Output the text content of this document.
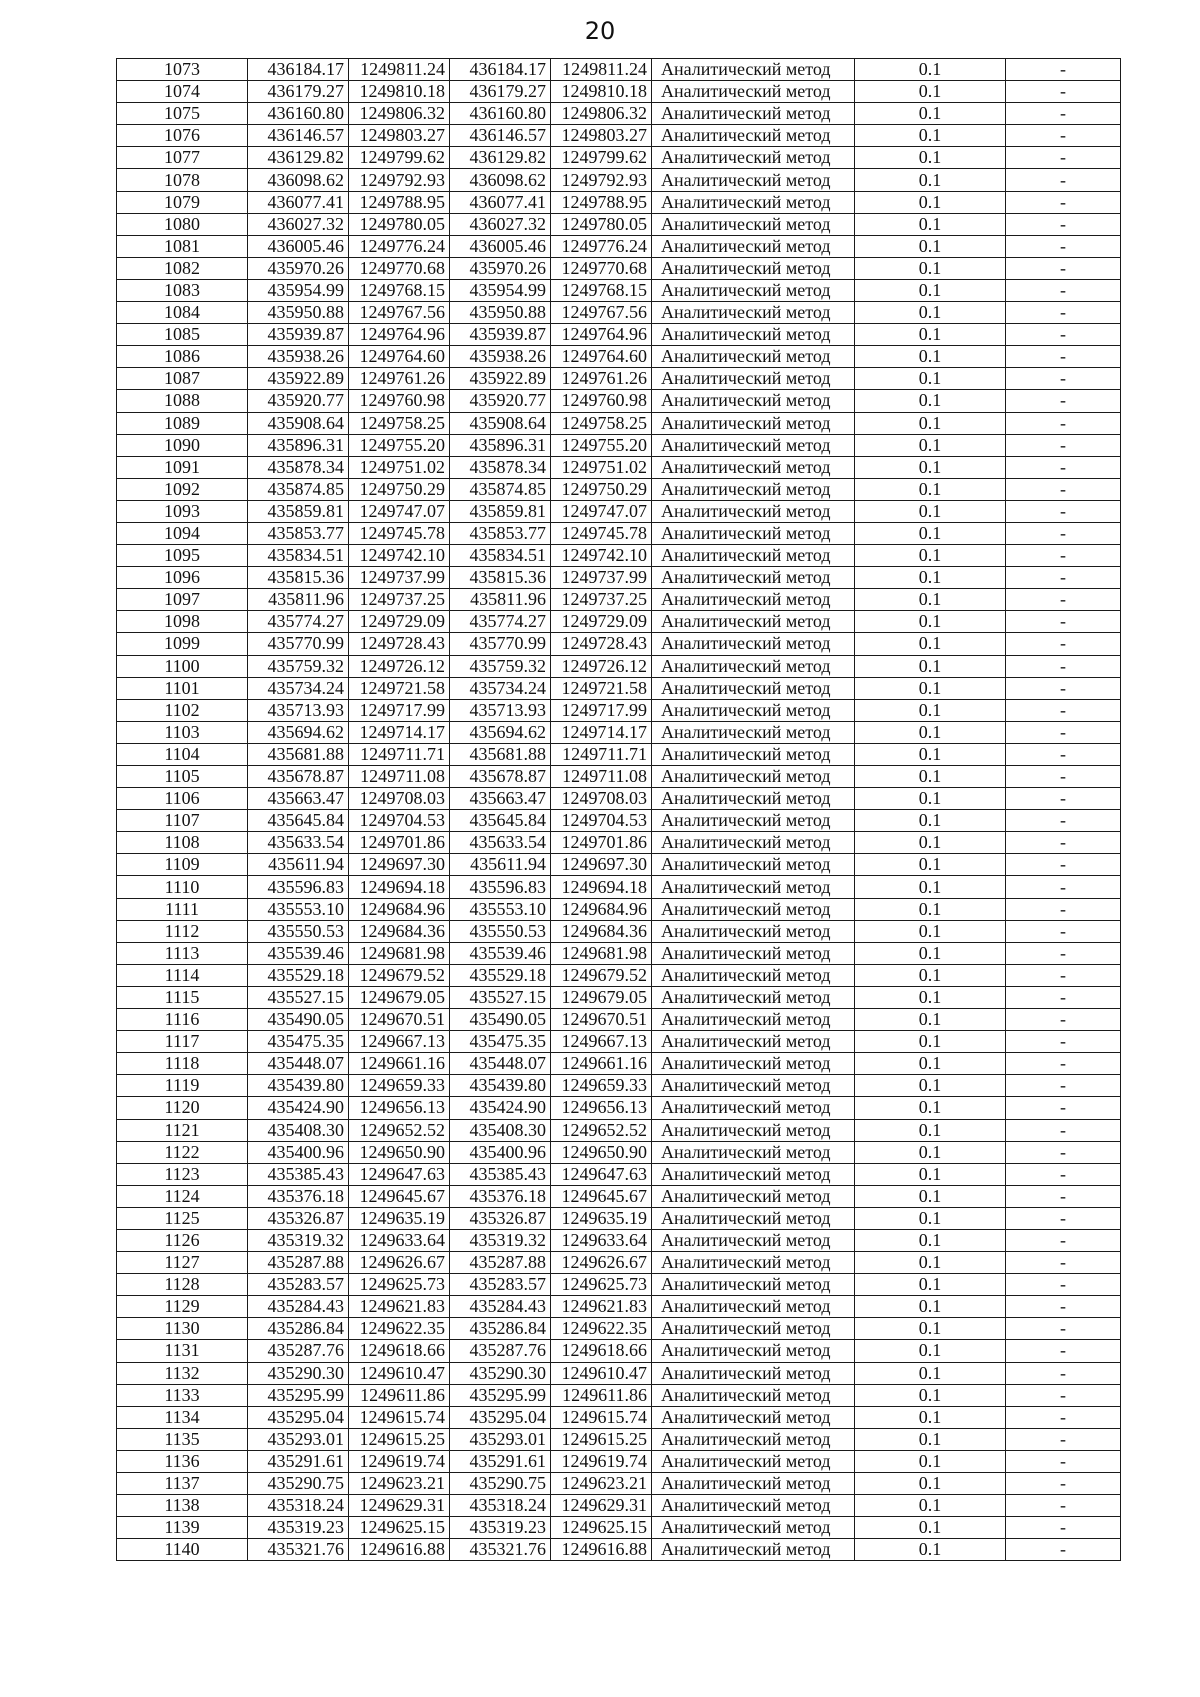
20
1073	436184.17	1249811.24	436184.17	1249811.24	Аналитический метод	0.1	-
1074	436179.27	1249810.18	436179.27	1249810.18	Аналитический метод	0.1	-
1075	436160.80	1249806.32	436160.80	1249806.32	Аналитический метод	0.1	-
1076	436146.57	1249803.27	436146.57	1249803.27	Аналитический метод	0.1	-
1077	436129.82	1249799.62	436129.82	1249799.62	Аналитический метод	0.1	-
1078	436098.62	1249792.93	436098.62	1249792.93	Аналитический метод	0.1	-
1079	436077.41	1249788.95	436077.41	1249788.95	Аналитический метод	0.1	-
1080	436027.32	1249780.05	436027.32	1249780.05	Аналитический метод	0.1	-
1081	436005.46	1249776.24	436005.46	1249776.24	Аналитический метод	0.1	-
1082	435970.26	1249770.68	435970.26	1249770.68	Аналитический метод	0.1	-
1083	435954.99	1249768.15	435954.99	1249768.15	Аналитический метод	0.1	-
1084	435950.88	1249767.56	435950.88	1249767.56	Аналитический метод	0.1	-
1085	435939.87	1249764.96	435939.87	1249764.96	Аналитический метод	0.1	-
1086	435938.26	1249764.60	435938.26	1249764.60	Аналитический метод	0.1	-
1087	435922.89	1249761.26	435922.89	1249761.26	Аналитический метод	0.1	-
1088	435920.77	1249760.98	435920.77	1249760.98	Аналитический метод	0.1	-
1089	435908.64	1249758.25	435908.64	1249758.25	Аналитический метод	0.1	-
1090	435896.31	1249755.20	435896.31	1249755.20	Аналитический метод	0.1	-
1091	435878.34	1249751.02	435878.34	1249751.02	Аналитический метод	0.1	-
1092	435874.85	1249750.29	435874.85	1249750.29	Аналитический метод	0.1	-
1093	435859.81	1249747.07	435859.81	1249747.07	Аналитический метод	0.1	-
1094	435853.77	1249745.78	435853.77	1249745.78	Аналитический метод	0.1	-
1095	435834.51	1249742.10	435834.51	1249742.10	Аналитический метод	0.1	-
1096	435815.36	1249737.99	435815.36	1249737.99	Аналитический метод	0.1	-
1097	435811.96	1249737.25	435811.96	1249737.25	Аналитический метод	0.1	-
1098	435774.27	1249729.09	435774.27	1249729.09	Аналитический метод	0.1	-
1099	435770.99	1249728.43	435770.99	1249728.43	Аналитический метод	0.1	-
1100	435759.32	1249726.12	435759.32	1249726.12	Аналитический метод	0.1	-
1101	435734.24	1249721.58	435734.24	1249721.58	Аналитический метод	0.1	-
1102	435713.93	1249717.99	435713.93	1249717.99	Аналитический метод	0.1	-
1103	435694.62	1249714.17	435694.62	1249714.17	Аналитический метод	0.1	-
1104	435681.88	1249711.71	435681.88	1249711.71	Аналитический метод	0.1	-
1105	435678.87	1249711.08	435678.87	1249711.08	Аналитический метод	0.1	-
1106	435663.47	1249708.03	435663.47	1249708.03	Аналитический метод	0.1	-
1107	435645.84	1249704.53	435645.84	1249704.53	Аналитический метод	0.1	-
1108	435633.54	1249701.86	435633.54	1249701.86	Аналитический метод	0.1	-
1109	435611.94	1249697.30	435611.94	1249697.30	Аналитический метод	0.1	-
1110	435596.83	1249694.18	435596.83	1249694.18	Аналитический метод	0.1	-
1111	435553.10	1249684.96	435553.10	1249684.96	Аналитический метод	0.1	-
1112	435550.53	1249684.36	435550.53	1249684.36	Аналитический метод	0.1	-
1113	435539.46	1249681.98	435539.46	1249681.98	Аналитический метод	0.1	-
1114	435529.18	1249679.52	435529.18	1249679.52	Аналитический метод	0.1	-
1115	435527.15	1249679.05	435527.15	1249679.05	Аналитический метод	0.1	-
1116	435490.05	1249670.51	435490.05	1249670.51	Аналитический метод	0.1	-
1117	435475.35	1249667.13	435475.35	1249667.13	Аналитический метод	0.1	-
1118	435448.07	1249661.16	435448.07	1249661.16	Аналитический метод	0.1	-
1119	435439.80	1249659.33	435439.80	1249659.33	Аналитический метод	0.1	-
1120	435424.90	1249656.13	435424.90	1249656.13	Аналитический метод	0.1	-
1121	435408.30	1249652.52	435408.30	1249652.52	Аналитический метод	0.1	-
1122	435400.96	1249650.90	435400.96	1249650.90	Аналитический метод	0.1	-
1123	435385.43	1249647.63	435385.43	1249647.63	Аналитический метод	0.1	-
1124	435376.18	1249645.67	435376.18	1249645.67	Аналитический метод	0.1	-
1125	435326.87	1249635.19	435326.87	1249635.19	Аналитический метод	0.1	-
1126	435319.32	1249633.64	435319.32	1249633.64	Аналитический метод	0.1	-
1127	435287.88	1249626.67	435287.88	1249626.67	Аналитический метод	0.1	-
1128	435283.57	1249625.73	435283.57	1249625.73	Аналитический метод	0.1	-
1129	435284.43	1249621.83	435284.43	1249621.83	Аналитический метод	0.1	-
1130	435286.84	1249622.35	435286.84	1249622.35	Аналитический метод	0.1	-
1131	435287.76	1249618.66	435287.76	1249618.66	Аналитический метод	0.1	-
1132	435290.30	1249610.47	435290.30	1249610.47	Аналитический метод	0.1	-
1133	435295.99	1249611.86	435295.99	1249611.86	Аналитический метод	0.1	-
1134	435295.04	1249615.74	435295.04	1249615.74	Аналитический метод	0.1	-
1135	435293.01	1249615.25	435293.01	1249615.25	Аналитический метод	0.1	-
1136	435291.61	1249619.74	435291.61	1249619.74	Аналитический метод	0.1	-
1137	435290.75	1249623.21	435290.75	1249623.21	Аналитический метод	0.1	-
1138	435318.24	1249629.31	435318.24	1249629.31	Аналитический метод	0.1	-
1139	435319.23	1249625.15	435319.23	1249625.15	Аналитический метод	0.1	-
1140	435321.76	1249616.88	435321.76	1249616.88	Аналитический метод	0.1	-
